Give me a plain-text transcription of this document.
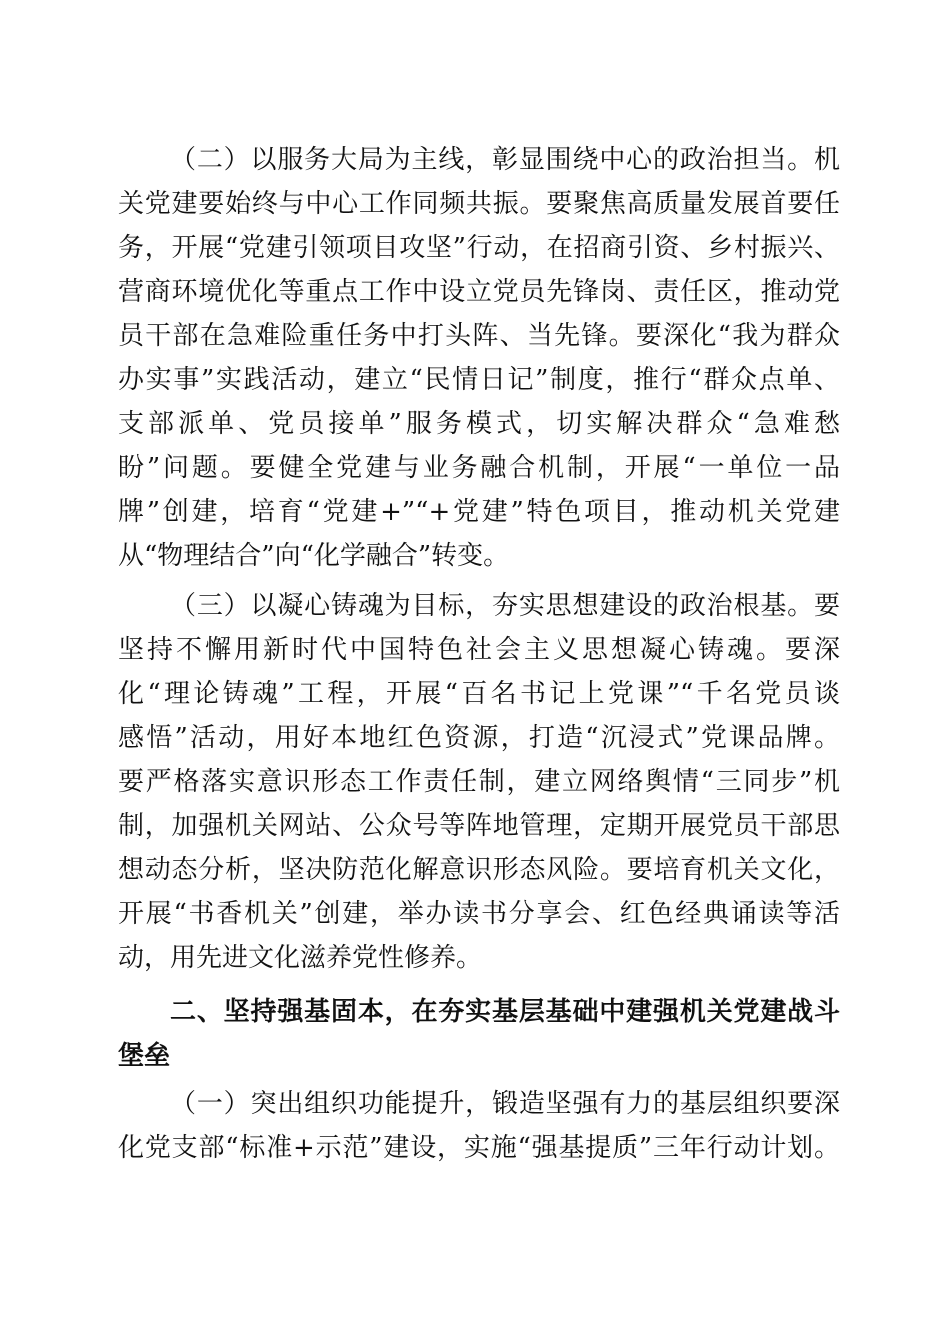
（二）以服务大局为主线，彰显围绕中心的政治担当。机
关党建要始终与中心工作同频共振。要聚焦高质量发展首要任
务，开展“党建引领项目攻坚”行动，在招商引资、乡村振兴、
营商环境优化等重点工作中设立党员先锋岗、责任区，推动党
员干部在急难险重任务中打头阵、当先锋。要深化“我为群众
办实事”实践活动，建立“民情日记”制度，推行“群众点单、
支部派单、党员接单”服务模式，切实解决群众“急难愁
盼”问题。要健全党建与业务融合机制，开展“一单位一品
牌”创建，培育“党建+”“+党建”特色项目，推动机关党建
从“物理结合”向“化学融合”转变。
（三）以凝心铸魂为目标，夯实思想建设的政治根基。要
坚持不懈用新时代中国特色社会主义思想凝心铸魂。要深
化“理论铸魂”工程，开展“百名书记上党课”“千名党员谈
感悟”活动，用好本地红色资源，打造“沉浸式”党课品牌。
要严格落实意识形态工作责任制，建立网络舆情“三同步”机
制，加强机关网站、公众号等阵地管理，定期开展党员干部思
想动态分析，坚决防范化解意识形态风险。要培育机关文化，
开展“书香机关”创建，举办读书分享会、红色经典诵读等活
动，用先进文化滋养党性修养。
二、坚持强基固本，在夯实基层基础中建强机关党建战斗
堡垒
（一）突出组织功能提升，锻造坚强有力的基层组织要深
化党支部“标准+示范”建设，实施“强基提质”三年行动计划。
